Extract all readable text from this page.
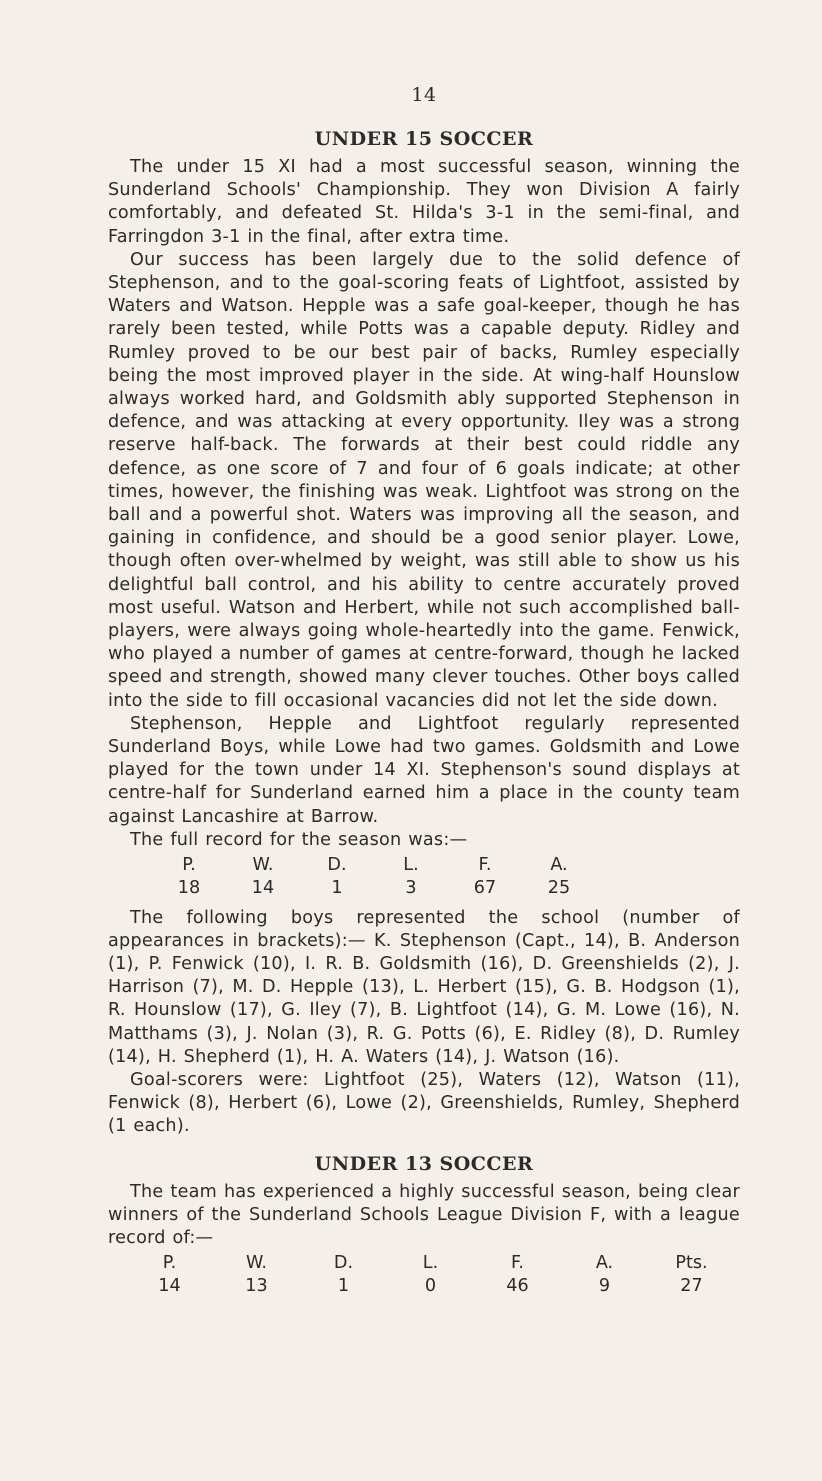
14
UNDER 15 SOCCER

The under 15 XI had a most successful season, winning the Sunderland Schools' Championship. They won Division A fairly comfortably, and defeated St. Hilda's 3-1 in the semi-final, and Farringdon 3-1 in the final, after extra time.

Our success has been largely due to the solid defence of Stephenson, and to the goal-scoring feats of Lightfoot, assisted by Waters and Watson. Hepple was a safe goal-keeper, though he has rarely been tested, while Potts was a capable deputy. Ridley and Rumley proved to be our best pair of backs, Rumley especially being the most improved player in the side. At wing-half Hounslow always worked hard, and Goldsmith ably supported Stephenson in defence, and was attacking at every opportunity. Iley was a strong reserve half-back. The forwards at their best could riddle any defence, as one score of 7 and four of 6 goals indicate; at other times, however, the finishing was weak. Lightfoot was strong on the ball and a powerful shot. Waters was improving all the season, and gaining in confidence, and should be a good senior player. Lowe, though often over-whelmed by weight, was still able to show us his delightful ball control, and his ability to centre accurately proved most useful. Watson and Herbert, while not such accomplished ball-players, were always going whole-heartedly into the game. Fenwick, who played a number of games at centre-forward, though he lacked speed and strength, showed many clever touches. Other boys called into the side to fill occasional vacancies did not let the side down.

Stephenson, Hepple and Lightfoot regularly represented Sunderland Boys, while Lowe had two games. Goldsmith and Lowe played for the town under 14 XI. Stephenson's sound displays at centre-half for Sunderland earned him a place in the county team against Lancashire at Barrow.

The full record for the season was:—

P.	W.	D.	L.	F.	A.
18	14	1	3	67	25

The following boys represented the school (number of appearances in brackets):— K. Stephenson (Capt., 14), B. Anderson (1), P. Fenwick (10), I. R. B. Goldsmith (16), D. Greenshields (2), J. Harrison (7), M. D. Hepple (13), L. Herbert (15), G. B. Hodgson (1), R. Hounslow (17), G. Iley (7), B. Lightfoot (14), G. M. Lowe (16), N. Matthams (3), J. Nolan (3), R. G. Potts (6), E. Ridley (8), D. Rumley (14), H. Shepherd (1), H. A. Waters (14), J. Watson (16).

Goal-scorers were: Lightfoot (25), Waters (12), Watson (11), Fenwick (8), Herbert (6), Lowe (2), Greenshields, Rumley, Shepherd (1 each).

UNDER 13 SOCCER

The team has experienced a highly successful season, being clear winners of the Sunderland Schools League Division F, with a league record of:—

P.	W.	D.	L.	F.	A.	Pts.
14	13	1	0	46	9	27
